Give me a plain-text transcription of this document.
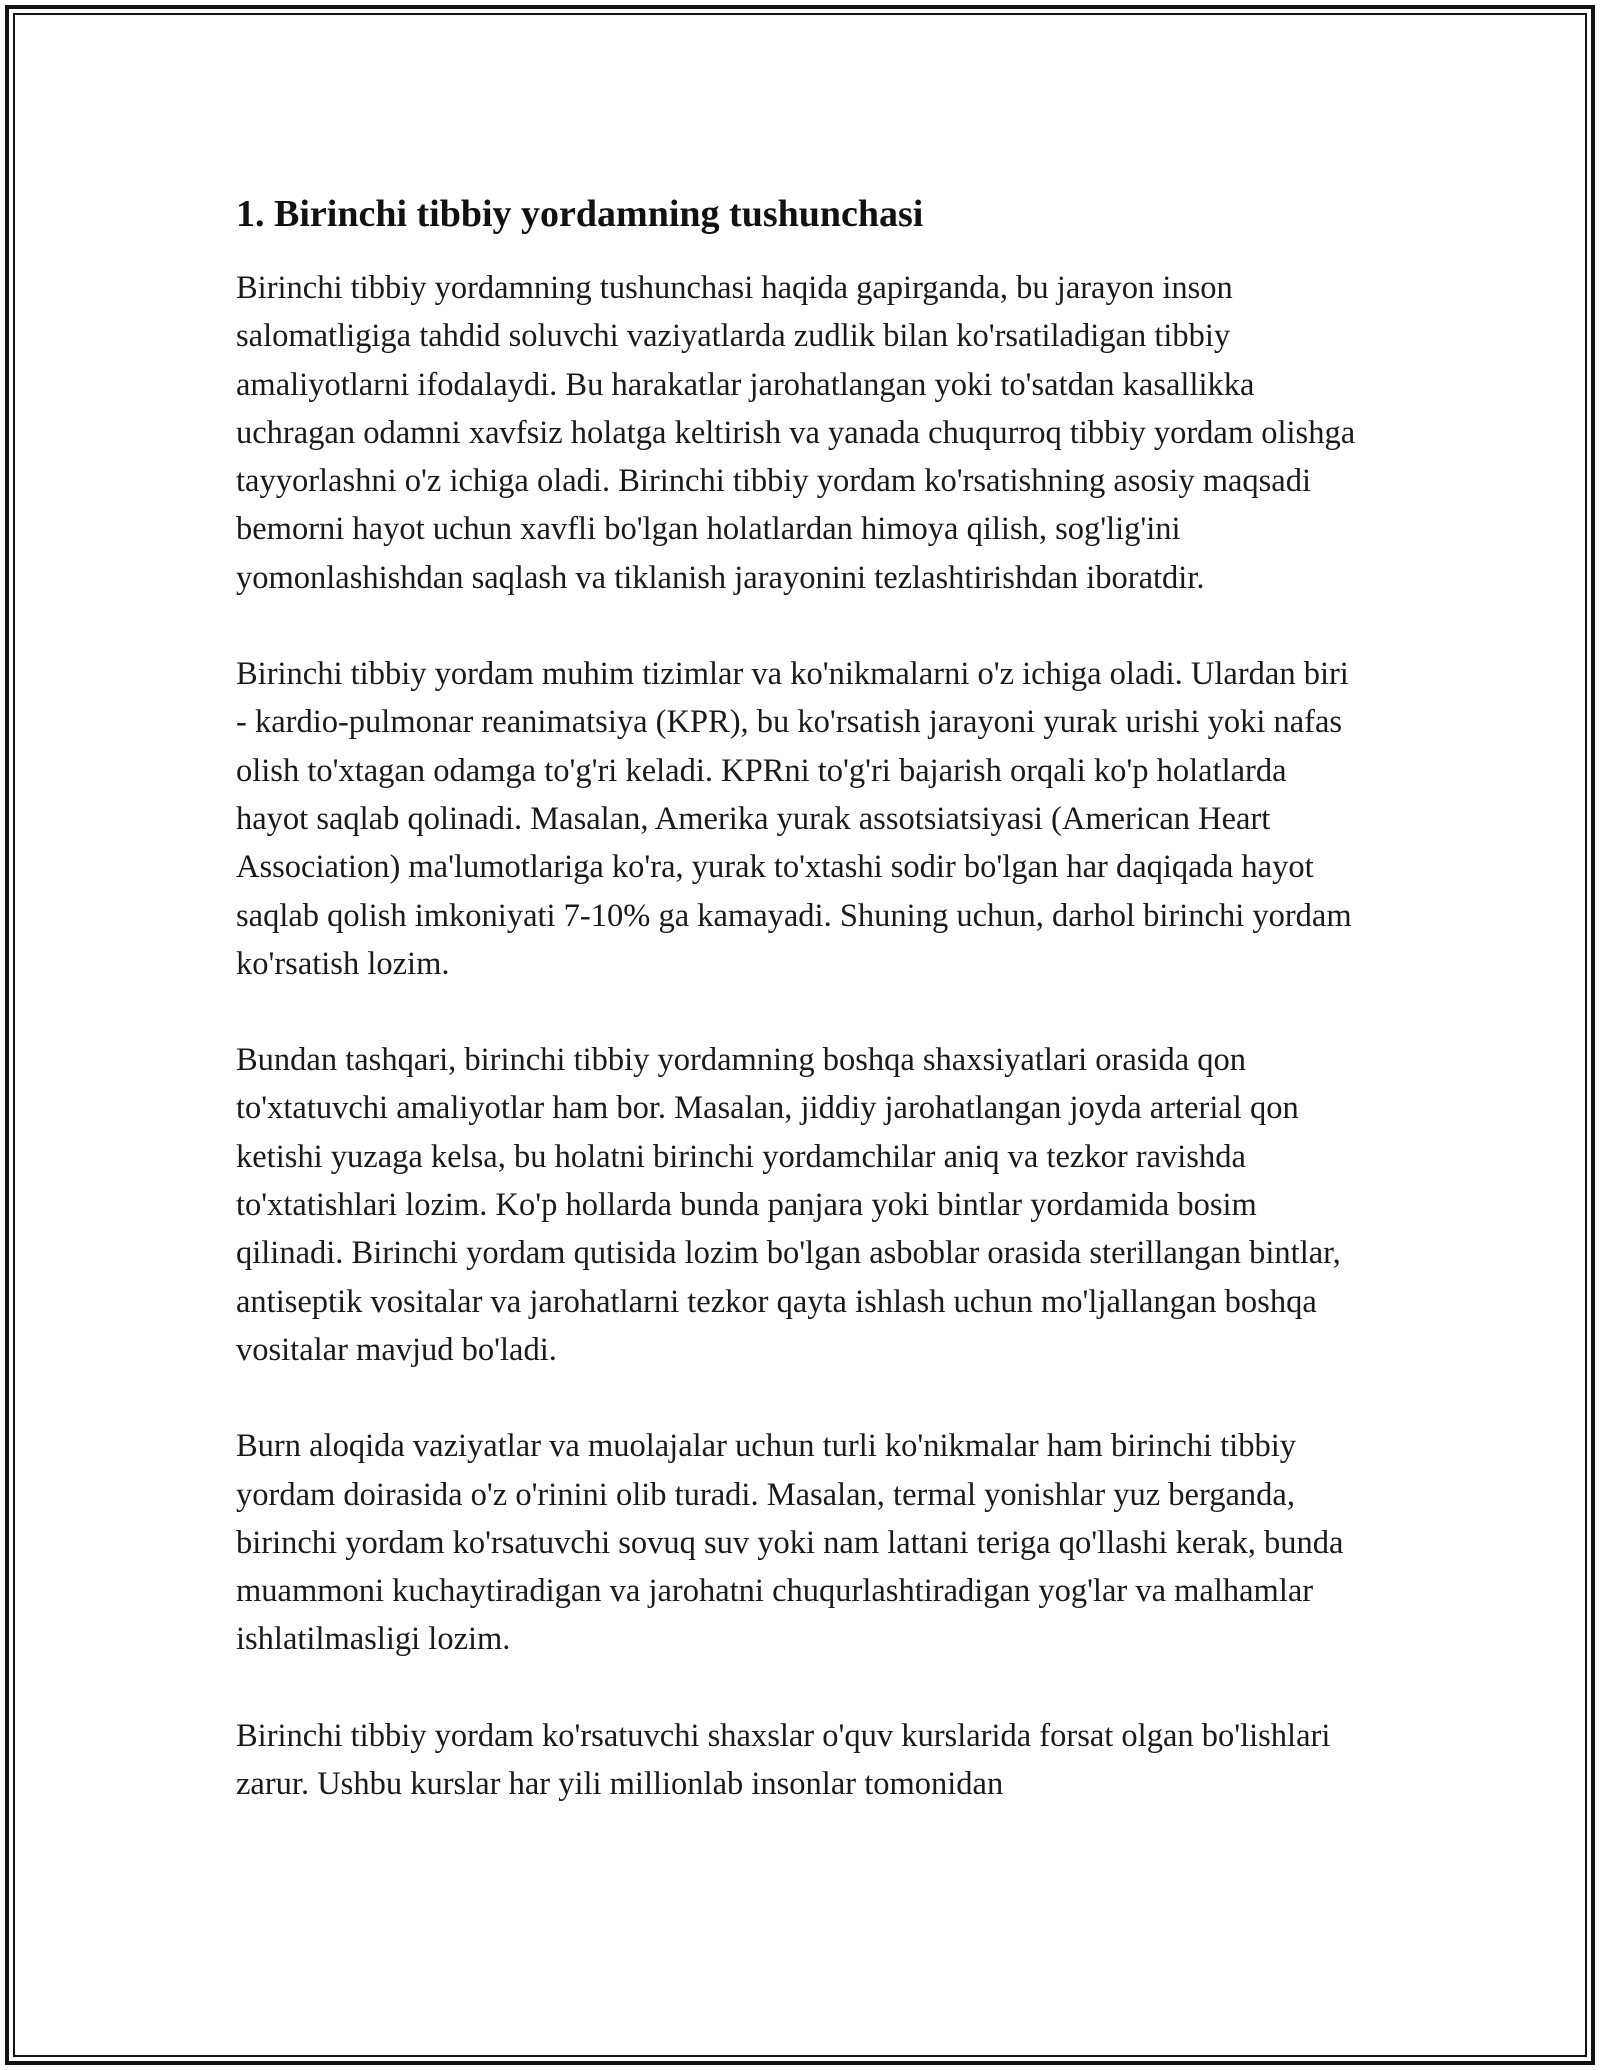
1. Birinchi tibbiy yordamning tushunchasi

Birinchi tibbiy yordamning tushunchasi haqida gapirganda, bu jarayon inson salomatligiga tahdid soluvchi vaziyatlarda zudlik bilan ko'rsatiladigan tibbiy amaliyotlarni ifodalaydi. Bu harakatlar jarohatlangan yoki to'satdan kasallikka uchragan odamni xavfsiz holatga keltirish va yanada chuqurroq tibbiy yordam olishga tayyorlashni o'z ichiga oladi. Birinchi tibbiy yordam ko'rsatishning asosiy maqsadi bemorni hayot uchun xavfli bo'lgan holatlardan himoya qilish, sog'lig'ini yomonlashishdan saqlash va tiklanish jarayonini tezlashtirishdan iboratdir.

Birinchi tibbiy yordam muhim tizimlar va ko'nikmalarni o'z ichiga oladi. Ulardan biri - kardio-pulmonar reanimatsiya (KPR), bu ko'rsatish jarayoni yurak urishi yoki nafas olish to'xtagan odamga to'g'ri keladi. KPRni to'g'ri bajarish orqali ko'p holatlarda hayot saqlab qolinadi. Masalan, Amerika yurak assotsiatsiyasi (American Heart Association) ma'lumotlariga ko'ra, yurak to'xtashi sodir bo'lgan har daqiqada hayot saqlab qolish imkoniyati 7-10% ga kamayadi. Shuning uchun, darhol birinchi yordam ko'rsatish lozim.

Bundan tashqari, birinchi tibbiy yordamning boshqa shaxsiyatlari orasida qon to'xtatuvchi amaliyotlar ham bor. Masalan, jiddiy jarohatlangan joyda arterial qon ketishi yuzaga kelsa, bu holatni birinchi yordamchilar aniq va tezkor ravishda to'xtatishlari lozim. Ko'p hollarda bunda panjara yoki bintlar yordamida bosim qilinadi. Birinchi yordam qutisida lozim bo'lgan asboblar orasida sterillangan bintlar, antiseptik vositalar va jarohatlarni tezkor qayta ishlash uchun mo'ljallangan boshqa vositalar mavjud bo'ladi.

Burn aloqida vaziyatlar va muolajalar uchun turli ko'nikmalar ham birinchi tibbiy yordam doirasida o'z o'rinini olib turadi. Masalan, termal yonishlar yuz berganda, birinchi yordam ko'rsatuvchi sovuq suv yoki nam lattani teriga qo'llashi kerak, bunda muammoni kuchaytiradigan va jarohatni chuqurlashtiradigan yog'lar va malhamlar ishlatilmasligi lozim.

Birinchi tibbiy yordam ko'rsatuvchi shaxslar o'quv kurslarida forsat olgan bo'lishlari zarur. Ushbu kurslar har yili millionlab insonlar tomonidan
